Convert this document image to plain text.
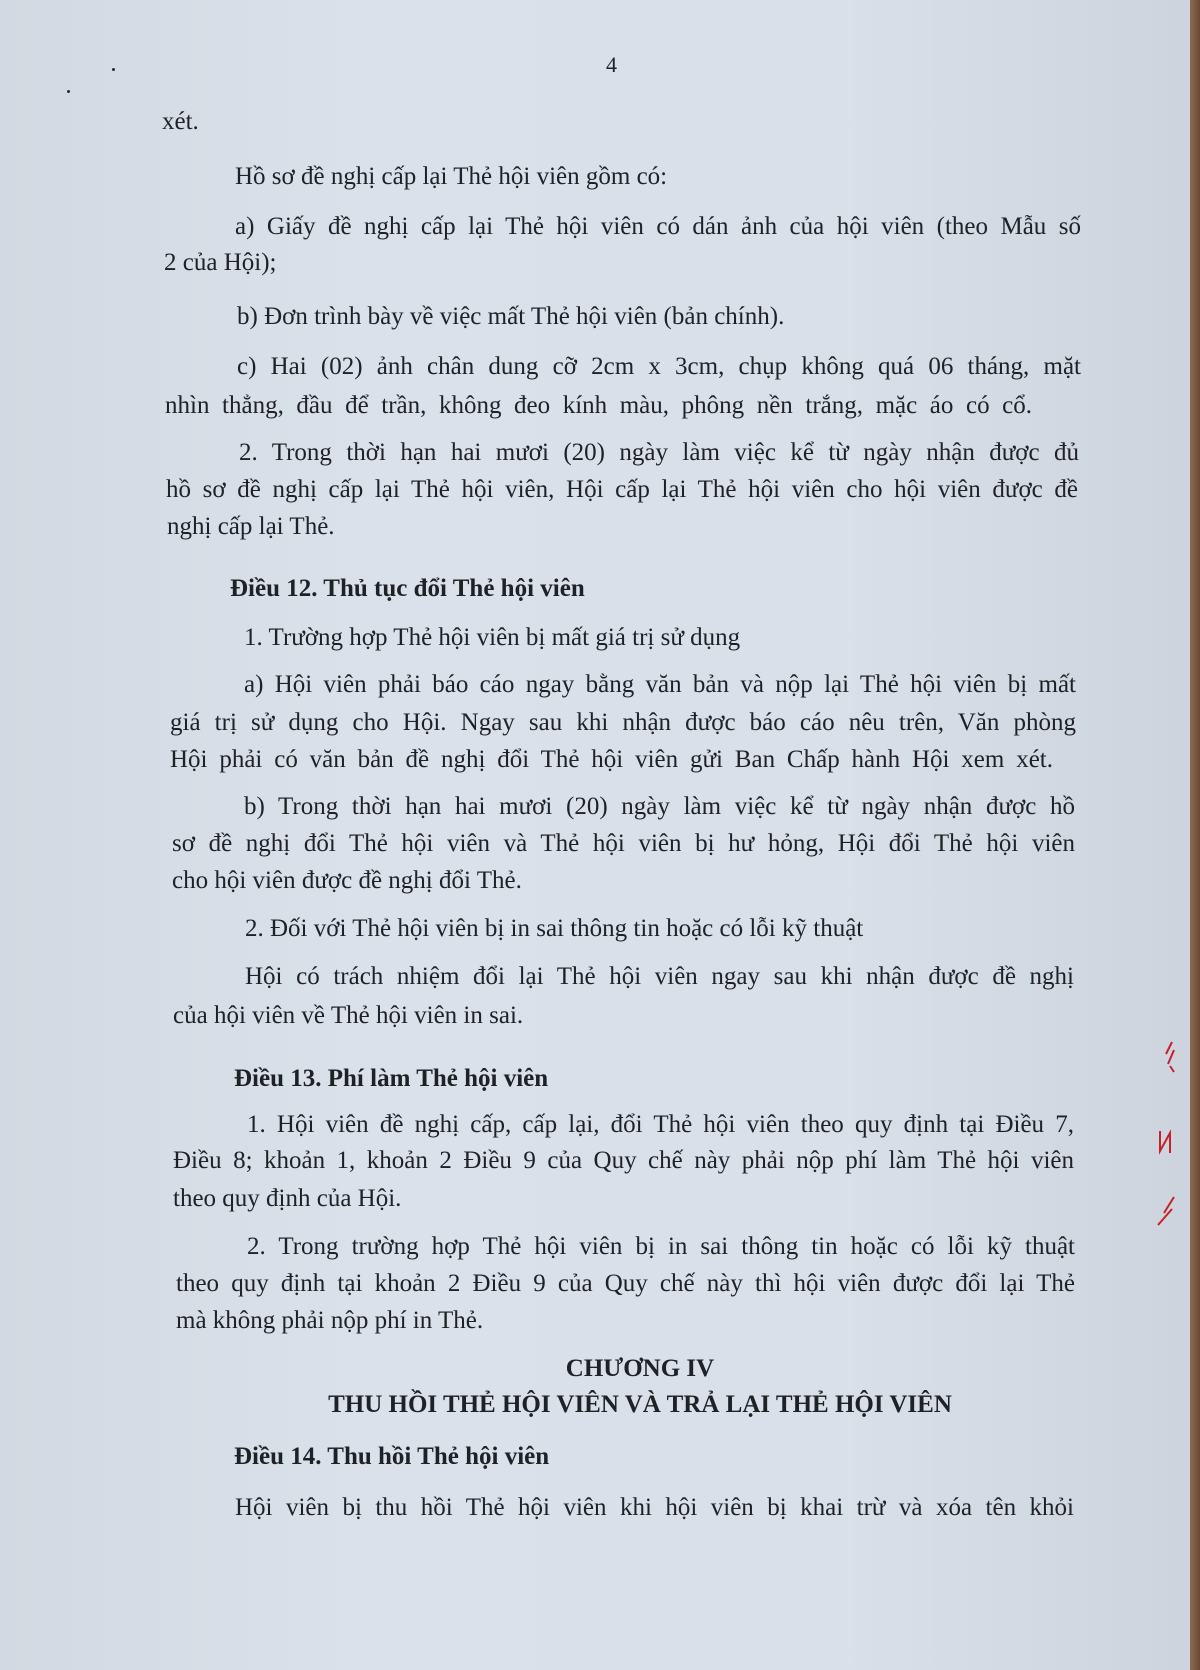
4
xét.
Hồ sơ đề nghị cấp lại Thẻ hội viên gồm có:
a) Giấy đề nghị cấp lại Thẻ hội viên có dán ảnh của hội viên (theo Mẫu số
2 của Hội);
b) Đơn trình bày về việc mất Thẻ hội viên (bản chính).
c) Hai (02) ảnh chân dung cỡ 2cm x 3cm, chụp không quá 06 tháng, mặt
nhìn thẳng, đầu để trần, không đeo kính màu, phông nền trắng, mặc áo có cổ.
2. Trong thời hạn hai mươi (20) ngày làm việc kể từ ngày nhận được đủ
hồ sơ đề nghị cấp lại Thẻ hội viên, Hội cấp lại Thẻ hội viên cho hội viên được đề
nghị cấp lại Thẻ.
Điều 12. Thủ tục đổi Thẻ hội viên
1. Trường hợp Thẻ hội viên bị mất giá trị sử dụng
a) Hội viên phải báo cáo ngay bằng văn bản và nộp lại Thẻ hội viên bị mất
giá trị sử dụng cho Hội. Ngay sau khi nhận được báo cáo nêu trên, Văn phòng
Hội phải có văn bản đề nghị đổi Thẻ hội viên gửi Ban Chấp hành Hội xem xét.
b) Trong thời hạn hai mươi (20) ngày làm việc kể từ ngày nhận được hồ
sơ đề nghị đổi Thẻ hội viên và Thẻ hội viên bị hư hỏng, Hội đổi Thẻ hội viên
cho hội viên được đề nghị đổi Thẻ.
2. Đối với Thẻ hội viên bị in sai thông tin hoặc có lỗi kỹ thuật
Hội có trách nhiệm đổi lại Thẻ hội viên ngay sau khi nhận được đề nghị
của hội viên về Thẻ hội viên in sai.
Điều 13. Phí làm Thẻ hội viên
1. Hội viên đề nghị cấp, cấp lại, đổi Thẻ hội viên theo quy định tại Điều 7,
Điều 8; khoản 1, khoản 2 Điều 9 của Quy chế này phải nộp phí làm Thẻ hội viên
theo quy định của Hội.
2. Trong trường hợp Thẻ hội viên bị in sai thông tin hoặc có lỗi kỹ thuật
theo quy định tại khoản 2 Điều 9 của Quy chế này thì hội viên được đổi lại Thẻ
mà không phải nộp phí in Thẻ.
CHƯƠNG IV
THU HỒI THẺ HỘI VIÊN VÀ TRẢ LẠI THẺ HỘI VIÊN
Điều 14. Thu hồi Thẻ hội viên
Hội viên bị thu hồi Thẻ hội viên khi hội viên bị khai trừ và xóa tên khỏi
